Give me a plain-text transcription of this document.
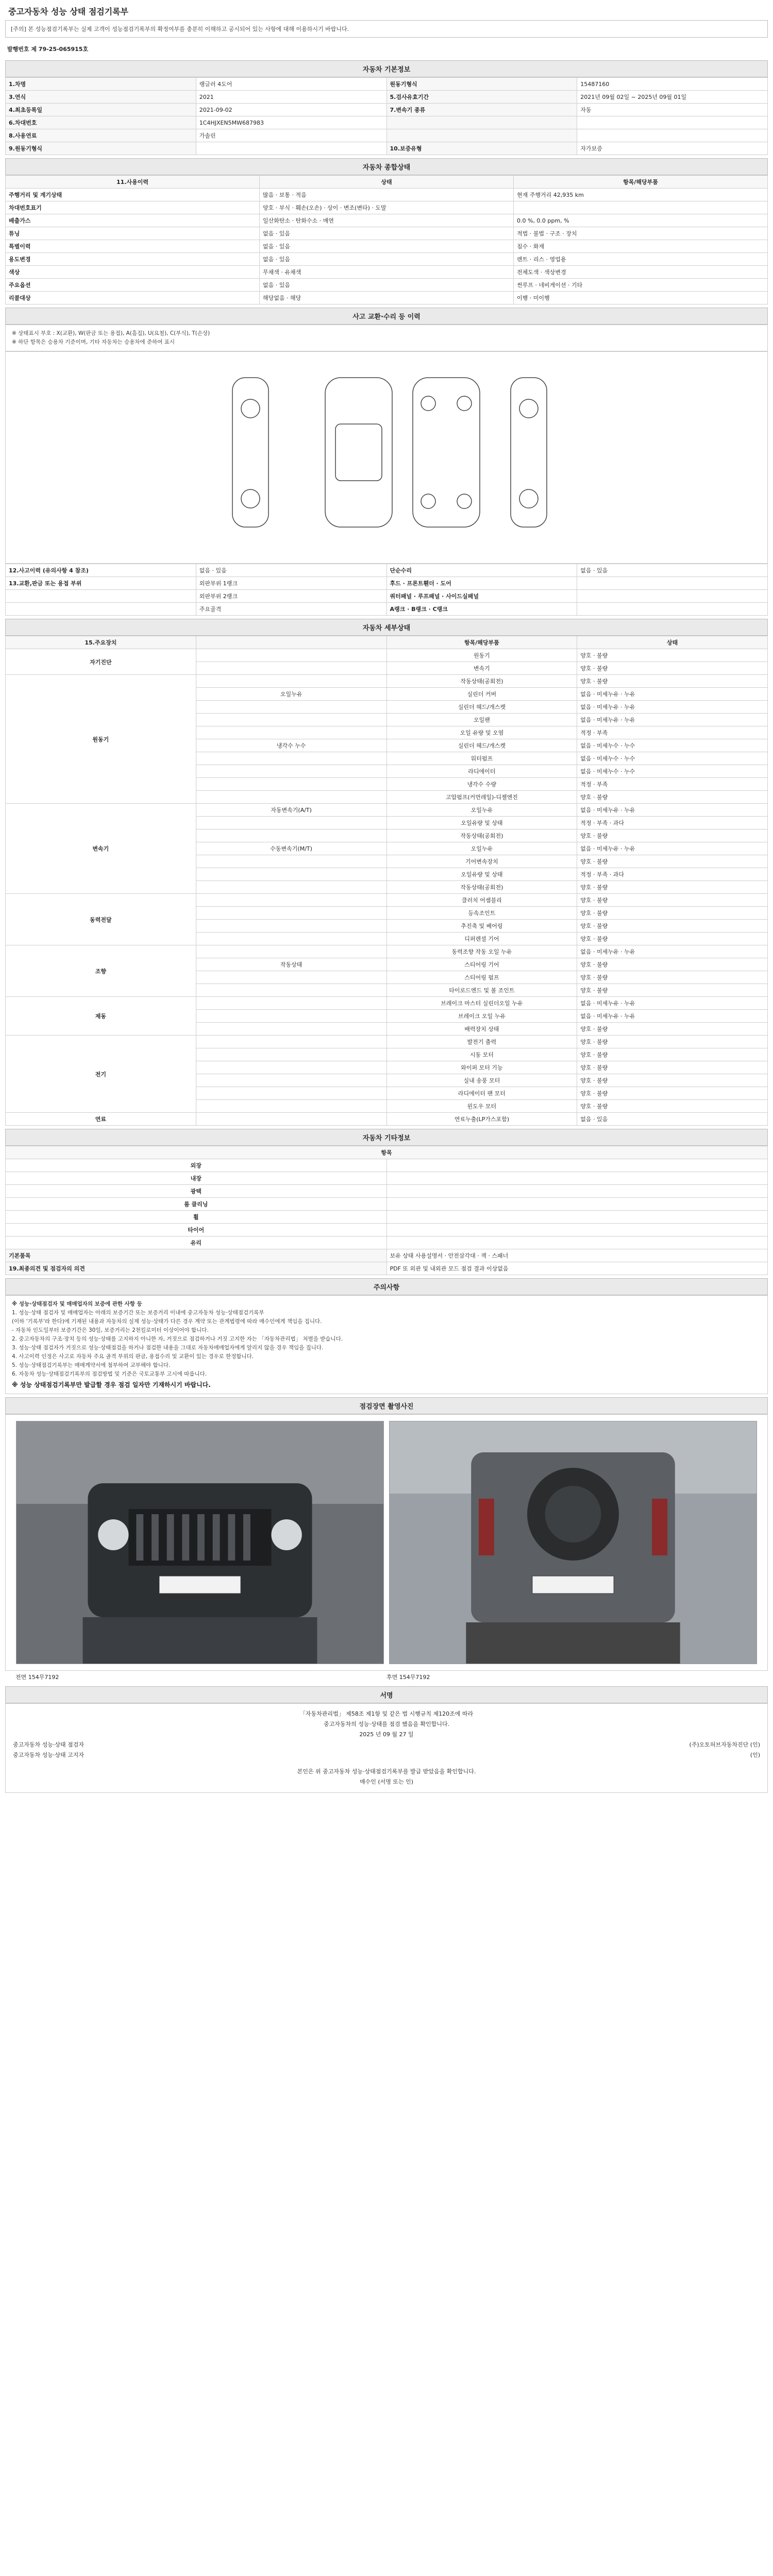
중고자동차 성능 상태 점검기록부
[주의] 본 성능점검기록부는 실제 고객이 성능점검기록부의 확정여부를 충분히 이해하고 공시되어 있는 사항에 대해 이용하시기 바랍니다.
발행번호 제 79-25-065915호
자동차 기본정보
1.차명	랭글러 4도어	원동기형식	15487160
3.연식	2021	5.검사유효기간	2021년 09월 02일 ~ 2025년 09월 01일
4.최초등록일	2021-09-02	7.변속기 종류	자동
6.차대번호	1C4HJXEN5MW687983		
8.사용연료	가솔린		
9.원동기형식		10.보증유형	자가보증
자동차 종합상태
11.사용이력	상태	항목/해당부품
주행거리 및 계기상태	많음 · 보통 · 적음	현재 주행거리 42,935 km
차대번호표기	양호 · 부식 · 훼손(오손) · 상이 · 변조(변타) · 도말	
배출가스	일산화탄소 · 탄화수소 · 매연	0.0 %, 0.0 ppm, %
튜닝	없음 · 있음	적법 · 불법 · 구조 · 장치
특별이력	없음 · 있음	침수 · 화재
용도변경	없음 · 있음	렌트 · 리스 · 영업용
색상	무채색 · 유채색	전체도색 · 색상변경
주요옵션	없음 · 있음	썬루프 · 네비게이션 · 기타
리콜대상	해당없음 · 해당	이행 · 미이행
사고 교환·수리 등 이력

※ 상태표시 부호 : X(교환), W(판금 또는 용접), A(흠집), U(요철), C(부식), T(손상)

※ 하단 항목은 승용차 기준이며, 기타 자동차는 승용차에 준하여 표시

12.사고이력 (유의사항 4 참조)	없음 · 있음	단순수리	없음 · 있음
13.교환,판금 또는 용접 부위	외판부위 1랭크	후드 · 프론트휀더 · 도어	
	외판부위 2랭크	쿼터패널 · 루프패널 · 사이드실패널	
	주요골격	A랭크 · B랭크 · C랭크	
자동차 세부상태
15.주요장치		항목/해당부품	상태
자기진단		원동기	양호 · 불량
		변속기	양호 · 불량
원동기		작동상태(공회전)	양호 · 불량
	오일누유	실린더 커버	없음 · 미세누유 · 누유
		실린더 헤드/개스켓	없음 · 미세누유 · 누유
		오일팬	없음 · 미세누유 · 누유
		오일 유량 및 오염	적정 · 부족
	냉각수 누수	실린더 헤드/개스켓	없음 · 미세누수 · 누수
		워터펌프	없음 · 미세누수 · 누수
		라디에이터	없음 · 미세누수 · 누수
		냉각수 수량	적정 · 부족
		고압펌프(커먼레일)-디젤엔진	양호 · 불량
변속기	자동변속기(A/T)	오일누유	없음 · 미세누유 · 누유
		오일유량 및 상태	적정 · 부족 · 과다
		작동상태(공회전)	양호 · 불량
	수동변속기(M/T)	오일누유	없음 · 미세누유 · 누유
		기어변속장치	양호 · 불량
		오일유량 및 상태	적정 · 부족 · 과다
		작동상태(공회전)	양호 · 불량
동력전달		클러치 어셈블리	양호 · 불량
		등속조인트	양호 · 불량
		추진축 및 베어링	양호 · 불량
		디퍼렌셜 기어	양호 · 불량
조향		동력조향 작동 오일 누유	없음 · 미세누유 · 누유
	작동상태	스티어링 기어	양호 · 불량
		스티어링 펌프	양호 · 불량
		타이로드엔드 및 볼 조인트	양호 · 불량
제동		브레이크 마스터 실린더오일 누유	없음 · 미세누유 · 누유
		브레이크 오일 누유	없음 · 미세누유 · 누유
		배력장치 상태	양호 · 불량
전기		발전기 출력	양호 · 불량
		시동 모터	양호 · 불량
		와이퍼 모터 기능	양호 · 불량
		실내 송풍 모터	양호 · 불량
		라디에이터 팬 모터	양호 · 불량
		윈도우 모터	양호 · 불량
연료		연료누출(LP가스포함)	없음 · 있음
자동차 기타정보
항목	
외장	
내장	
광택	
룸 클리닝	
휠	
타이어	
유리	
기본품목	보유 상태 사용설명서 · 안전삼각대 · 잭 · 스패너
19.최종의견 및 점검자의 의견	PDF 또 외관 및 내외관 모드 점검 결과 이상없음
주의사항

※ 성능·상태점검자 및 매매업자의 보증에 관한 사항 등

1. 성능·상태 점검자 및 매매업자는 아래의 보증기간 또는 보증거리 이내에 중고자동차 성능·상태점검기록부

(이하 '기록부'라 한다)에 기재된 내용과 자동차의 실제 성능·상태가 다른 경우 계약 또는 관계법령에 따라 매수인에게 책임을 집니다.

- 자동차 인도일부터 보증기간은 30일, 보증거리는 2천킬로미터 이상이어야 합니다.

2. 중고자동차의 구조·장치 등의 성능·상태를 고지하지 아니한 자, 거짓으로 점검하거나 거짓 고지한 자는 「자동차관리법」 처벌을 받습니다.

3. 성능·상태 점검자가 거짓으로 성능·상태점검을 하거나 점검한 내용을 그대로 자동차매매업자에게 알리지 않을 경우 책임을 집니다.

4. 사고이력 인정은 사고로 자동차 주요 골격 부위의 판금, 용접수리 및 교환이 있는 경우로 한정합니다.

5. 성능·상태점검기록부는 매매계약서에 첨부하여 교부해야 합니다.

6. 자동차 성능·상태점검기록부의 점검방법 및 기준은 국토교통부 고시에 따릅니다.

※ 성능 상태점검기록부만 발급할 경우 점검 일자만 기재하시기 바랍니다.

점검장면 촬영사진
전면 154무7192	후면 154무7192
서명
「자동차관리법」 제58조 제1항 및 같은 법 시행규칙 제120조에 따라
중고자동차의 성능·상태를 점검 했음을 확인합니다.
2025 년 09 월 27 일
중고자동차 성능·상태 점검자	(주)오토허브자동차진단 (인)
중고자동차 성능·상태 고지자	(인)
본인은 위 중고자동차 성능·상태점검기록부를 발급 받았음을 확인합니다.
매수인 (서명 또는 인)
